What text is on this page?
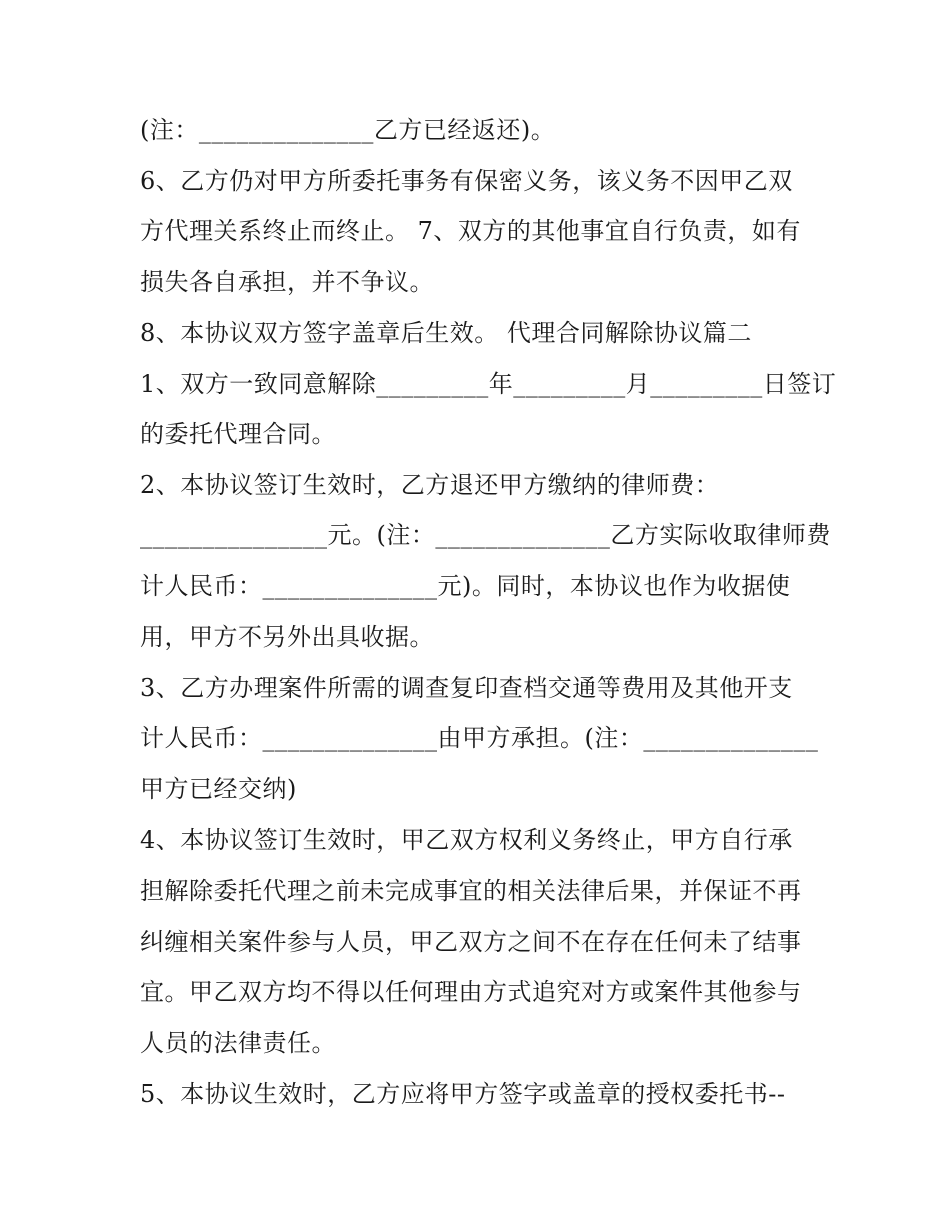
(注：______________乙方已经返还)。

6、乙方仍对甲方所委托事务有保密义务，该义务不因甲乙双

方代理关系终止而终止。 7、双方的其他事宜自行负责，如有

损失各自承担，并不争议。

8、本协议双方签字盖章后生效。 代理合同解除协议篇二

1、双方一致同意解除_________年_________月_________日签订

的委托代理合同。

2、本协议签订生效时，乙方退还甲方缴纳的律师费：

_______________元。(注：______________乙方实际收取律师费

计人民币：______________元)。同时，本协议也作为收据使

用，甲方不另外出具收据。

3、乙方办理案件所需的调查复印查档交通等费用及其他开支

计人民币：______________由甲方承担。(注：______________

甲方已经交纳)

4、本协议签订生效时，甲乙双方权利义务终止，甲方自行承

担解除委托代理之前未完成事宜的相关法律后果，并保证不再

纠缠相关案件参与人员，甲乙双方之间不在存在任何未了结事

宜。甲乙双方均不得以任何理由方式追究对方或案件其他参与

人员的法律责任。

5、本协议生效时，乙方应将甲方签字或盖章的授权委托书--
